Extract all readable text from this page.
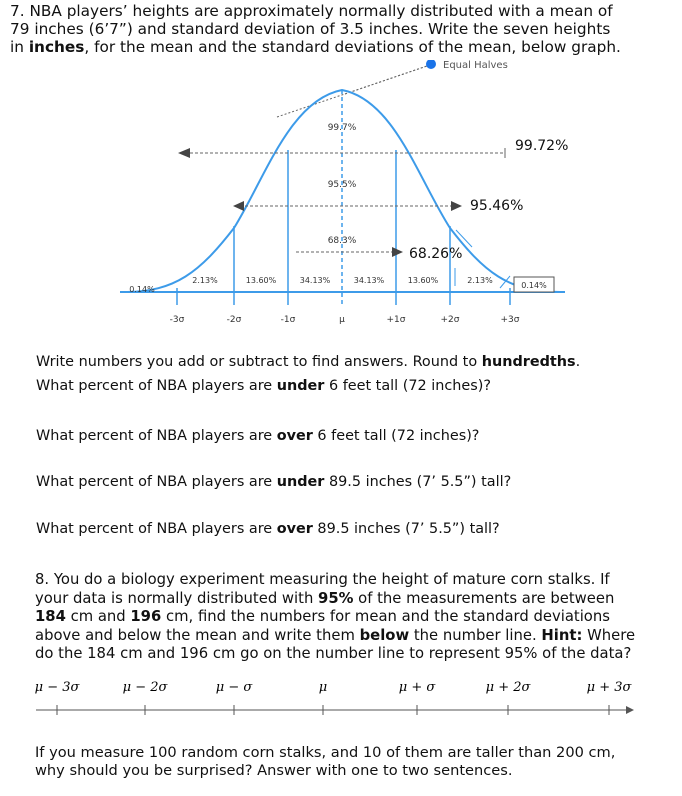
7. NBA players’ heights are approximately normally distributed with a mean of

79 inches (6’7”) and standard deviation of 3.5 inches. Write the seven heights

in inches, for the mean and the standard deviations of the mean, below graph.

Equal Halves
99.7%
95.5%
68.3%
99.72%
95.46%
68.26%
0.14%
2.13%	13.60%	34.13%	34.13%	13.60%	2.13%
0.14%
-3σ	-2σ	-1σ	μ	+1σ	+2σ	+3σ
Write numbers you add or subtract to find answers. Round to hundredths.
What percent of NBA players are under 6 feet tall (72 inches)?
What percent of NBA players are over 6 feet tall (72 inches)?
What percent of NBA players are under 89.5 inches (7’ 5.5”) tall?
What percent of NBA players are over 89.5 inches (7’ 5.5”) tall?

8. You do a biology experiment measuring the height of mature corn stalks. If

your data is normally distributed with 95% of the measurements are between

184 cm and 196 cm, find the numbers for mean and the standard deviations

above and below the mean and write them below the number line. Hint: Where

do the 184 cm and 196 cm go on the number line to represent 95% of the data?

μ − 3σ	μ − 2σ	μ − σ	μ	μ + σ	μ + 2σ	μ + 3σ

If you measure 100 random corn stalks, and 10 of them are taller than 200 cm,

why should you be surprised? Answer with one to two sentences.
